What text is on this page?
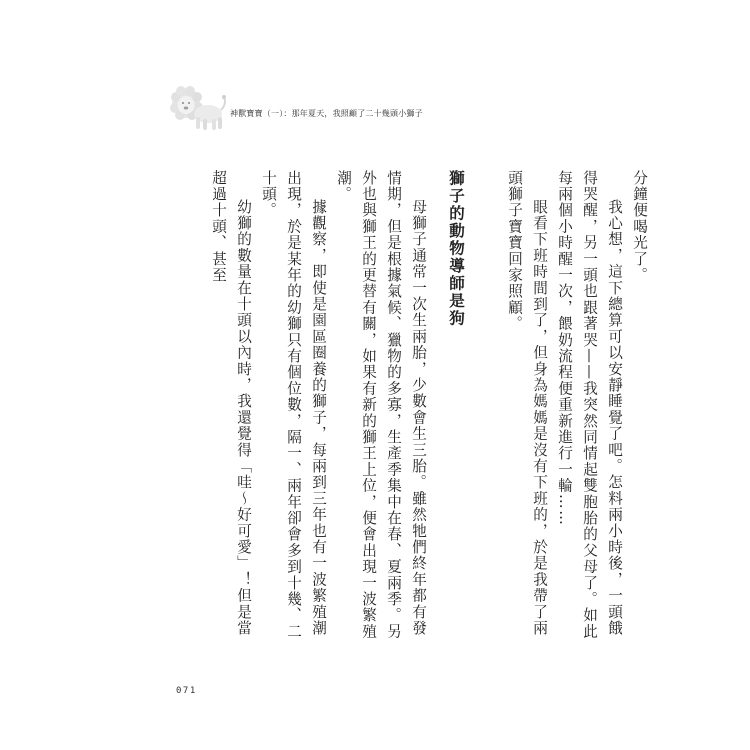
神獸寶寶（一）：那年夏天，我照顧了二十幾頭小獅子

分鐘便喝光了。

我心想，這下總算可以安靜睡覺了吧。怎料兩小時後，一頭餓得哭醒，另一頭也跟著哭——我突然同情起雙胞胎的父母了。如此每兩個小時醒一次，餵奶流程便重新進行一輪……

眼看下班時間到了，但身為媽媽是沒有下班的，於是我帶了兩頭獅子寶寶回家照顧。

獅子的動物導師是狗

母獅子通常一次生兩胎，少數會生三胎。雖然牠們終年都有發情期，但是根據氣候、獵物的多寡，生產季集中在春、夏兩季。另外也與獅王的更替有關，如果有新的獅王上位，便會出現一波繁殖潮。

據觀察，即使是園區圈養的獅子，每兩到三年也有一波繁殖潮出現，於是某年的幼獅只有個位數，隔一、兩年卻會多到十幾、二十頭。

幼獅的數量在十頭以內時，我還覺得「哇～好可愛」！但是當超過十頭、甚至

071
